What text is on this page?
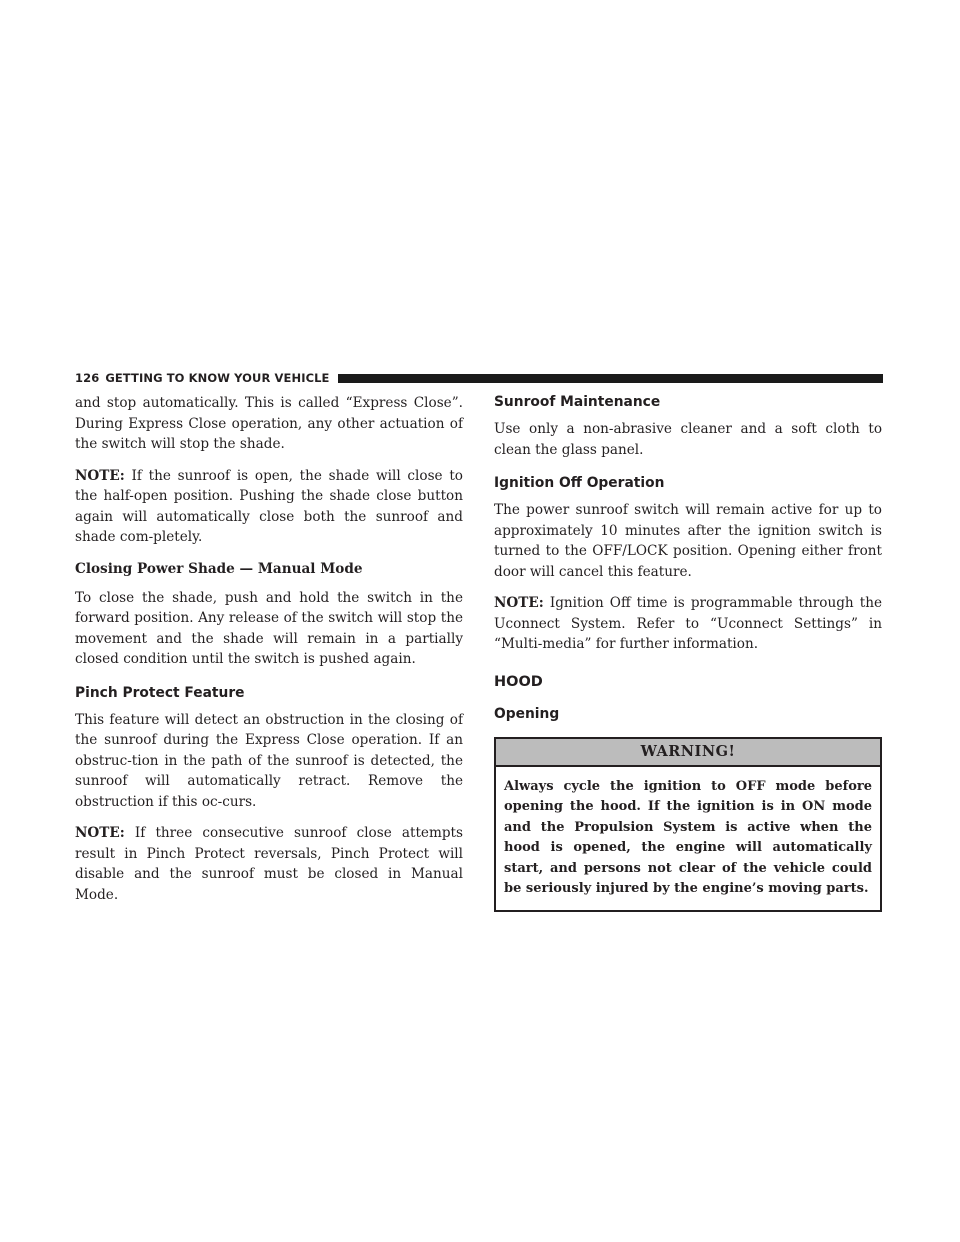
126 GETTING TO KNOW YOUR VEHICLE

and stop automatically. This is called “Express Close”. During Express Close operation, any other actuation of the switch will stop the shade.

NOTE: If the sunroof is open, the shade will close to the half-open position. Pushing the shade close button again will automatically close both the sunroof and shade com-pletely.

Closing Power Shade — Manual Mode

To close the shade, push and hold the switch in the forward position. Any release of the switch will stop the movement and the shade will remain in a partially closed condition until the switch is pushed again.

Pinch Protect Feature

This feature will detect an obstruction in the closing of the sunroof during the Express Close operation. If an obstruc-tion in the path of the sunroof is detected, the sunroof will automatically retract. Remove the obstruction if this oc-curs.

NOTE: If three consecutive sunroof close attempts result in Pinch Protect reversals, Pinch Protect will disable and the sunroof must be closed in Manual Mode.

Sunroof Maintenance

Use only a non-abrasive cleaner and a soft cloth to clean the glass panel.

Ignition Off Operation

The power sunroof switch will remain active for up to approximately 10 minutes after the ignition switch is turned to the OFF/LOCK position. Opening either front door will cancel this feature.

NOTE: Ignition Off time is programmable through the Uconnect System. Refer to “Uconnect Settings” in “Multi-media” for further information.

HOOD
Opening
WARNING!
Always cycle the ignition to OFF mode before opening the hood. If the ignition is in ON mode and the Propulsion System is active when the hood is opened, the engine will automatically start, and persons not clear of the vehicle could be seriously injured by the engine’s moving parts.
